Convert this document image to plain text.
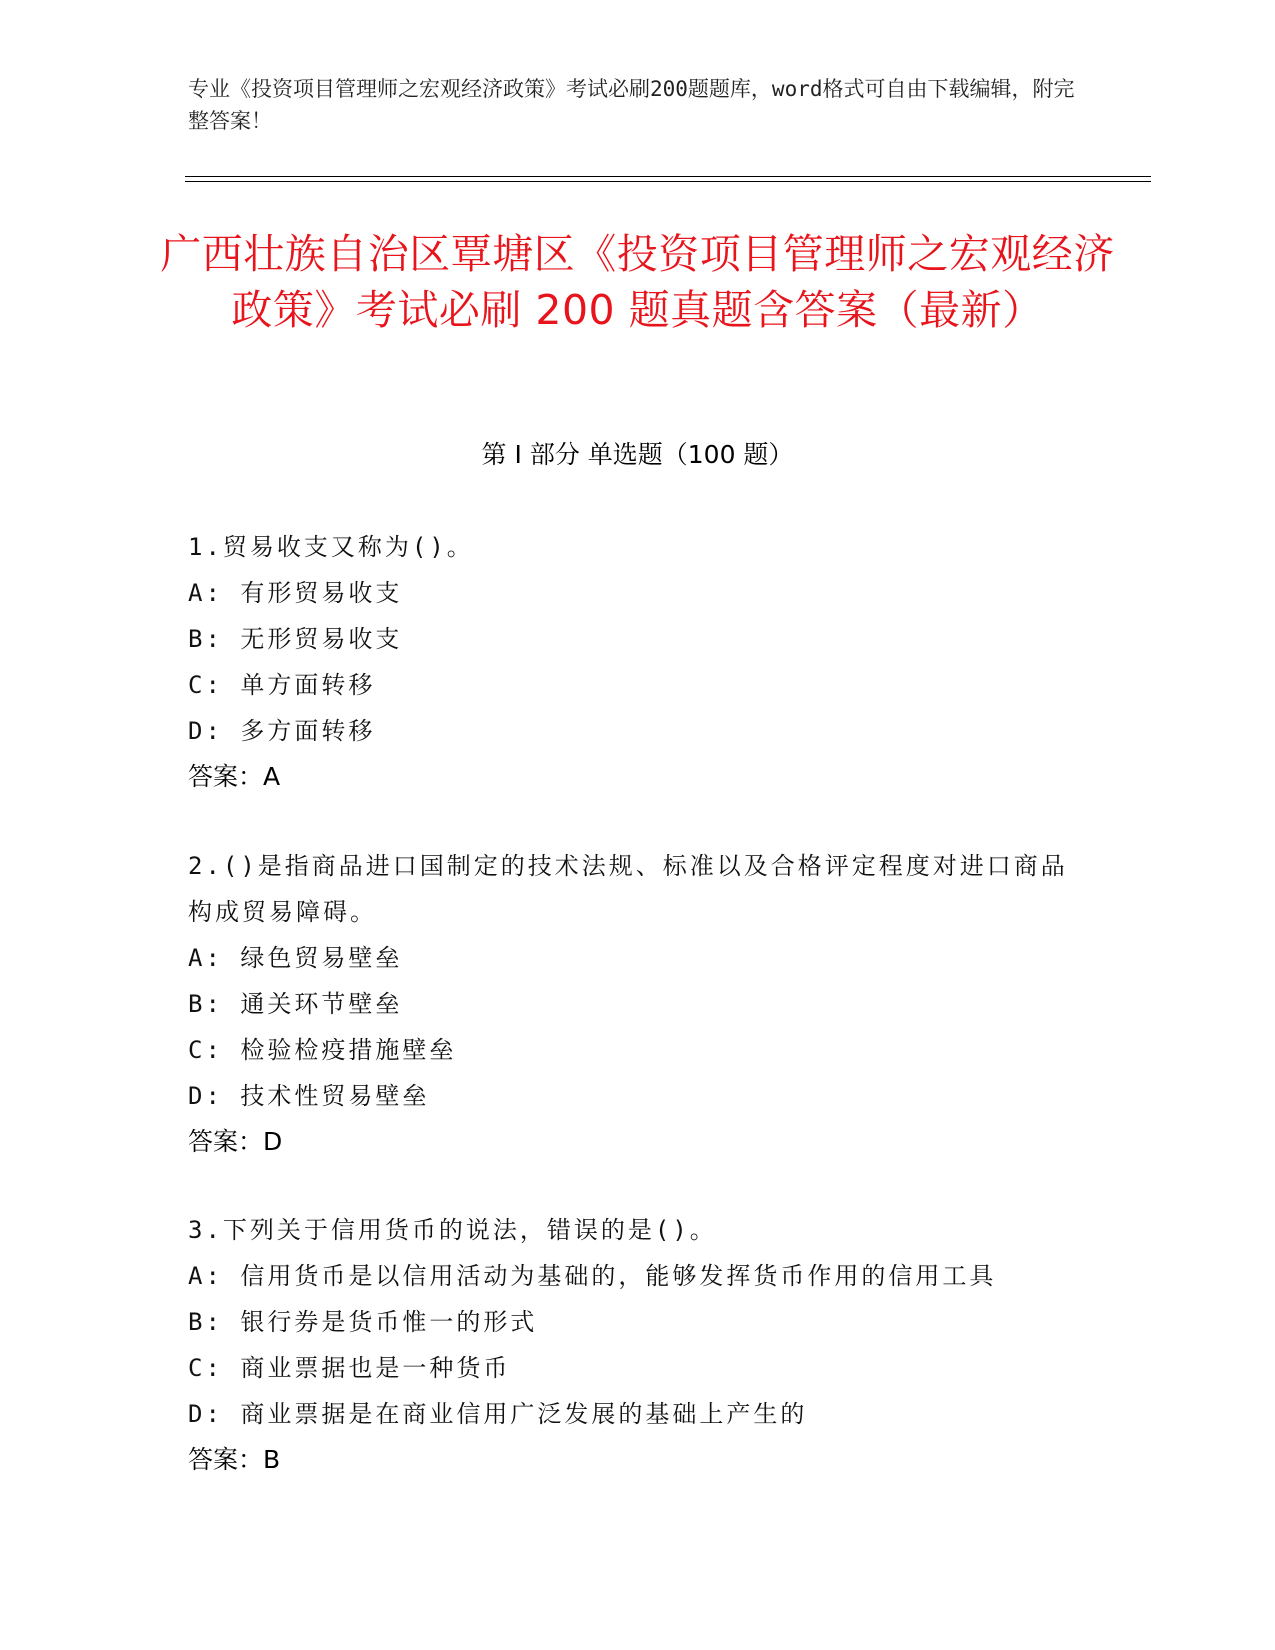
专业《投资项目管理师之宏观经济政策》考试必刷200题题库，word格式可自由下载编辑，附完整答案！
广西壮族自治区覃塘区《投资项目管理师之宏观经济政策》考试必刷 200 题真题含答案（最新）
第 I 部分 单选题（100 题）
1.贸易收支又称为()。
A: 有形贸易收支
B: 无形贸易收支
C: 单方面转移
D: 多方面转移
答案：A
2.()是指商品进口国制定的技术法规、标准以及合格评定程度对进口商品构成贸易障碍。
A: 绿色贸易壁垒
B: 通关环节壁垒
C: 检验检疫措施壁垒
D: 技术性贸易壁垒
答案：D
3.下列关于信用货币的说法，错误的是()。
A: 信用货币是以信用活动为基础的，能够发挥货币作用的信用工具
B: 银行券是货币惟一的形式
C: 商业票据也是一种货币
D: 商业票据是在商业信用广泛发展的基础上产生的
答案：B
